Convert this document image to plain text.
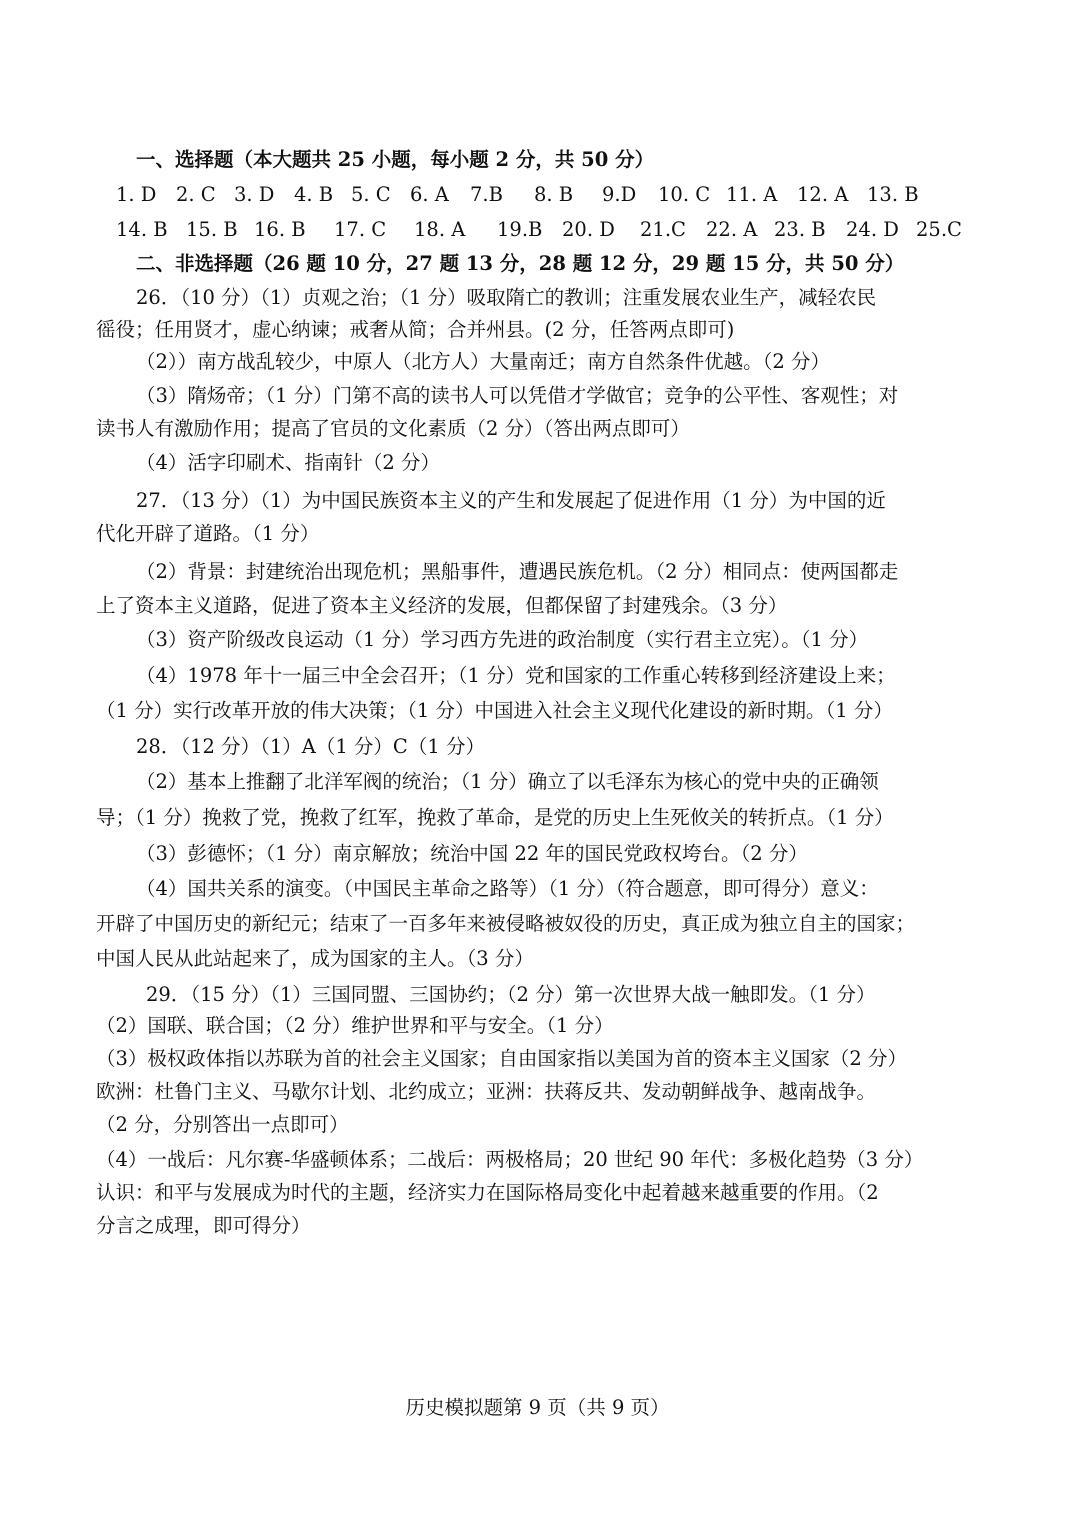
一、选择题（本大题共 25 小题，每小题 2 分，共 50 分）
1. D 2. C 3. D 4. B 5. C 6. A 7.B 8. B 9.D 10. C 11. A 12. A 13. B
14. B 15. B 16. B 17. C 18. A 19.B 20. D 21.C 22. A 23. B 24. D 25.C
二、非选择题（26 题 10 分，27 题 13 分，28 题 12 分，29 题 15 分，共 50 分）
26．（10 分）（1）贞观之治；（1 分）吸取隋亡的教训；注重发展农业生产，减轻农民
徭役；任用贤才，虚心纳谏；戒奢从简；合并州县。(2 分，任答两点即可)
（2））南方战乱较少，中原人（北方人）大量南迁；南方自然条件优越。（2 分）
（3）隋炀帝；（1 分）门第不高的读书人可以凭借才学做官；竞争的公平性、客观性；对
读书人有激励作用；提高了官员的文化素质（2 分）（答出两点即可）
（4）活字印刷术、指南针（2 分）
27．（13 分）（1）为中国民族资本主义的产生和发展起了促进作用（1 分）为中国的近
代化开辟了道路。（1 分）
（2）背景：封建统治出现危机；黑船事件，遭遇民族危机。（2 分）相同点：使两国都走
上了资本主义道路，促进了资本主义经济的发展，但都保留了封建残余。（3 分）
（3）资产阶级改良运动（1 分）学习西方先进的政治制度（实行君主立宪）。（1 分）
（4）1978 年十一届三中全会召开；（1 分）党和国家的工作重心转移到经济建设上来；
（1 分）实行改革开放的伟大决策；（1 分）中国进入社会主义现代化建设的新时期。（1 分）
28．（12 分）（1）A（1 分）C（1 分）
（2）基本上推翻了北洋军阀的统治；（1 分）确立了以毛泽东为核心的党中央的正确领
导；（1 分）挽救了党，挽救了红军，挽救了革命，是党的历史上生死攸关的转折点。（1 分）
（3）彭德怀；（1 分）南京解放；统治中国 22 年的国民党政权垮台。（2 分）
（4）国共关系的演变。（中国民主革命之路等）（1 分）（符合题意，即可得分）意义：
开辟了中国历史的新纪元；结束了一百多年来被侵略被奴役的历史，真正成为独立自主的国家；
中国人民从此站起来了，成为国家的主人。（3 分）
29．（15 分）（1）三国同盟、三国协约；（2 分）第一次世界大战一触即发。（1 分）
（2）国联、联合国；（2 分）维护世界和平与安全。（1 分）
（3）极权政体指以苏联为首的社会主义国家；自由国家指以美国为首的资本主义国家（2 分）
欧洲：杜鲁门主义、马歇尔计划、北约成立；亚洲：扶蒋反共、发动朝鲜战争、越南战争。
（2 分，分别答出一点即可）
（4）一战后：凡尔赛-华盛顿体系；二战后：两极格局；20 世纪 90 年代：多极化趋势（3 分）
认识：和平与发展成为时代的主题，经济实力在国际格局变化中起着越来越重要的作用。（2
分言之成理，即可得分）
历史模拟题第 9 页（共 9 页）
